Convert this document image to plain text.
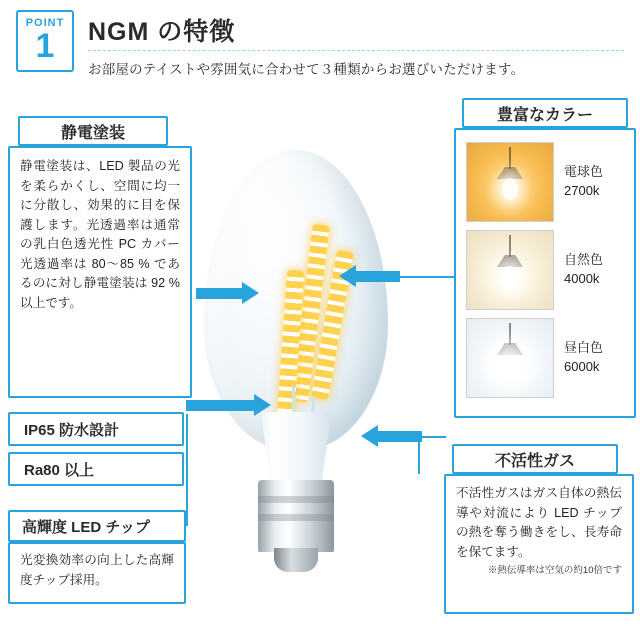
POINT
1	NGM の特徴
お部屋のテイストや雰囲気に合わせて３種類からお選びいただけます。
静電塗装
静電塗装は、LED 製品の光を柔らかくし、空間に均一に分散し、効果的に目を保護します。光透過率は通常の乳白色透光性 PC カバー光透過率は 80〜85 % であるのに対し静電塗装は 92 % 以上です。
IP65 防水設計
Ra80 以上
高輝度 LED チップ
光変換効率の向上した高輝度チップ採用。
豊富なカラー
電球色
2700k
自然色
4000k
昼白色
6000k
不活性ガス
不活性ガスはガス自体の熱伝導や対流により LED チップの熱を奪う働きをし、長寿命を保てます。
※熱伝導率は空気の約10倍です
